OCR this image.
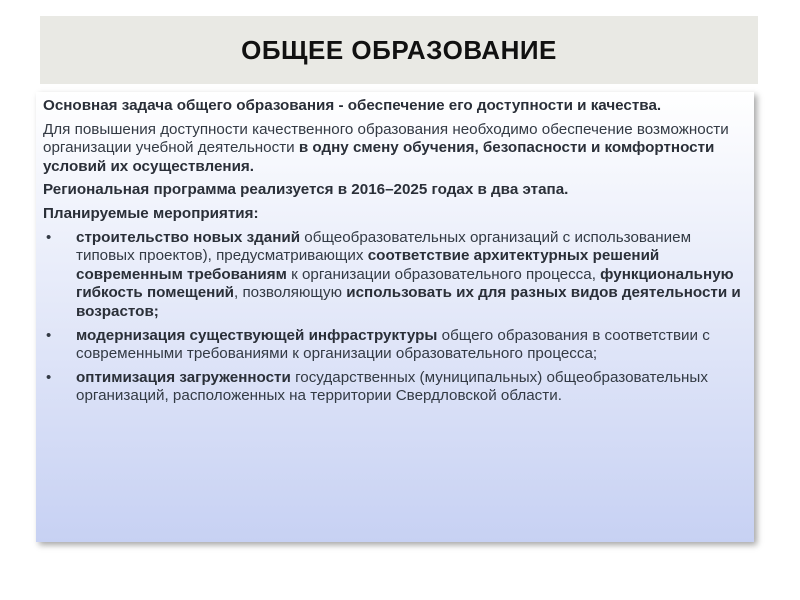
ОБЩЕЕ ОБРАЗОВАНИЕ

Основная задача общего образования - обеспечение его доступности и качества.

Для повышения доступности качественного образования необходимо обеспечение возможности организации учебной деятельности в одну смену обучения, безопасности и комфортности условий их осуществления.

Региональная программа реализуется в 2016–2025 годах в два этапа.

Планируемые мероприятия:

• строительство новых зданий общеобразовательных организаций с использованием типовых проектов), предусматривающих соответствие архитектурных решений современным требованиям к организации образовательного процесса, функциональную гибкость помещений, позволяющую использовать их для разных видов деятельности и возрастов;
• модернизация существующей инфраструктуры общего образования в соответствии с современными требованиями к организации образовательного процесса;
• оптимизация загруженности государственных (муниципальных) общеобразовательных организаций, расположенных на территории Свердловской области.
